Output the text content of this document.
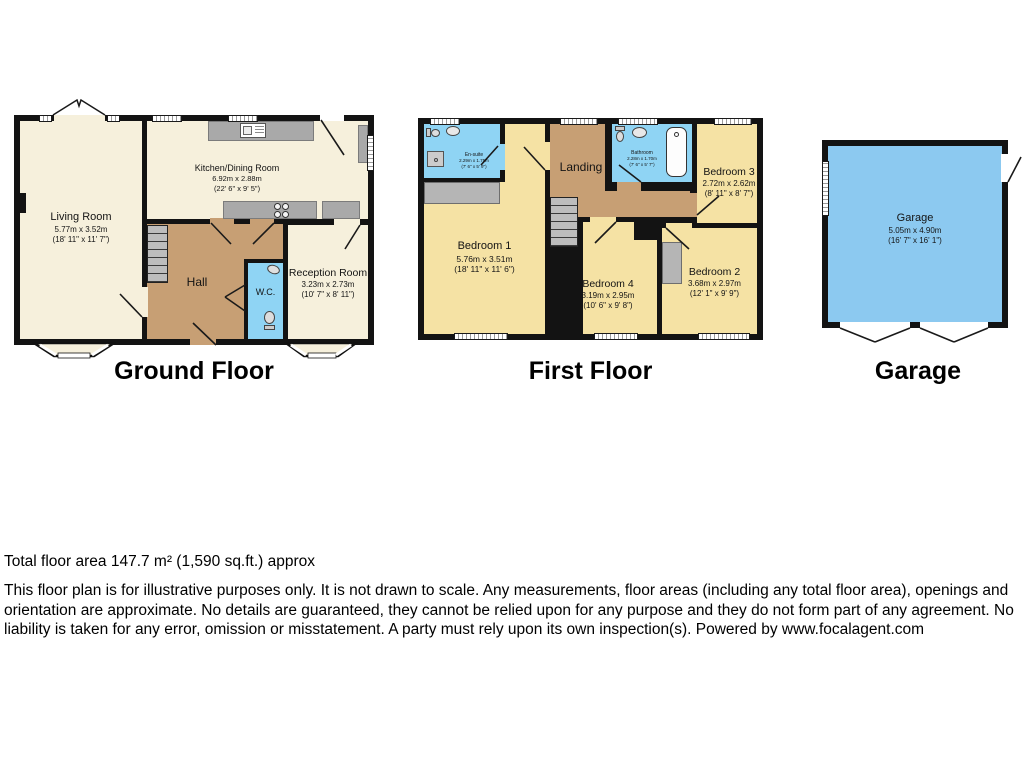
Living Room
5.77m x 3.52m
(18' 11" x 11' 7")
Kitchen/Dining Room
6.92m x 2.88m
(22' 6" x 9' 5")
Hall
W.C.
Reception Room
3.23m x 2.73m
(10' 7" x 8' 11")
Bedroom 1
5.76m x 3.51m
(18' 11" x 11' 6")
Landing
Bathroom
2.28m x 1.70m
(7' 6" x 5' 7")
En-suite
2.29m x 1.75m
(7' 6" x 5' 9")	Bedroom 3
2.72m x 2.62m
(8' 11" x 8' 7")
Bedroom 2
3.68m x 2.97m
(12' 1" x 9' 9")
Bedroom 4
3.19m x 2.95m
(10' 6" x 9' 8")
Garage
5.05m x 4.90m
(16' 7" x 16' 1")
Ground Floor	First Floor	Garage
Total floor area 147.7 m² (1,590 sq.ft.) approx
This floor plan is for illustrative purposes only. It is not drawn to scale. Any measurements, floor areas (including any total floor area), openings and orientation are approximate. No details are guaranteed, they cannot be relied upon for any purpose and they do not form part of any agreement. No liability is taken for any error, omission or misstatement. A party must rely upon its own inspection(s). Powered by www.focalagent.com
